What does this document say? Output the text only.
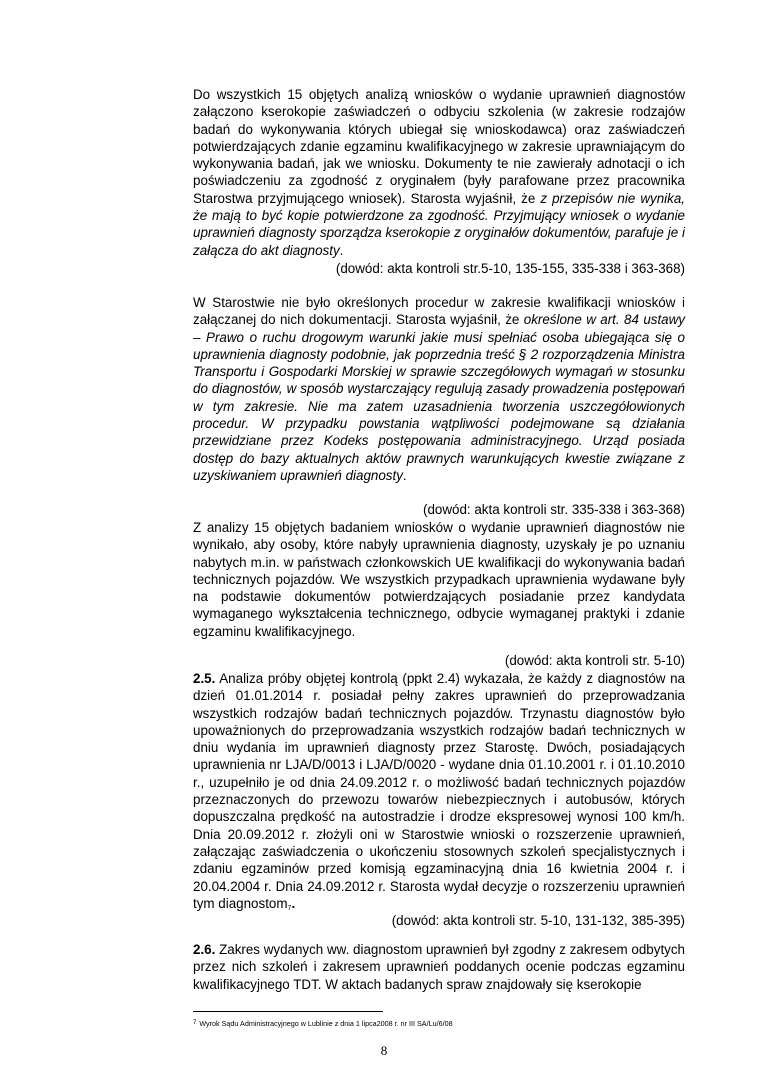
Do wszystkich 15 objętych analizą wniosków o wydanie uprawnień diagnostów załączono kserokopie zaświadczeń o odbyciu szkolenia (w zakresie rodzajów badań do wykonywania których ubiegał się wnioskodawca) oraz zaświadczeń potwierdzających zdanie egzaminu kwalifikacyjnego w zakresie uprawniającym do wykonywania badań, jak we wniosku. Dokumenty te nie zawierały adnotacji o ich poświadczeniu za zgodność z oryginałem (były parafowane przez pracownika Starostwa przyjmującego wniosek). Starosta wyjaśnił, że z przepisów nie wynika, że mają to być kopie potwierdzone za zgodność. Przyjmujący wniosek o wydanie uprawnień diagnosty sporządza kserokopie z oryginałów dokumentów, parafuje je i załącza do akt diagnosty.

(dowód: akta kontroli str.5-10, 135-155, 335-338 i 363-368)

W Starostwie nie było określonych procedur w zakresie kwalifikacji wniosków i załączanej do nich dokumentacji. Starosta wyjaśnił, że określone w art. 84 ustawy – Prawo o ruchu drogowym warunki jakie musi spełniać osoba ubiegająca się o uprawnienia diagnosty podobnie, jak poprzednia treść § 2 rozporządzenia Ministra Transportu i Gospodarki Morskiej w sprawie szczegółowych wymagań w stosunku do diagnostów, w sposób wystarczający regulują zasady prowadzenia postępowań w tym zakresie. Nie ma zatem uzasadnienia tworzenia uszczegółowionych procedur. W przypadku powstania wątpliwości podejmowane są działania przewidziane przez Kodeks postępowania administracyjnego. Urząd posiada dostęp do bazy aktualnych aktów prawnych warunkujących kwestie związane z uzyskiwaniem uprawnień diagnosty.

(dowód: akta kontroli str. 335-338 i 363-368)

Z analizy 15 objętych badaniem wniosków o wydanie uprawnień diagnostów nie wynikało, aby osoby, które nabyły uprawnienia diagnosty, uzyskały je po uznaniu nabytych m.in. w państwach członkowskich UE kwalifikacji do wykonywania badań technicznych pojazdów. We wszystkich przypadkach uprawnienia wydawane były na podstawie dokumentów potwierdzających posiadanie przez kandydata wymaganego wykształcenia technicznego, odbycie wymaganej praktyki i zdanie egzaminu kwalifikacyjnego.

(dowód: akta kontroli str. 5-10)

2.5. Analiza próby objętej kontrolą (ppkt 2.4) wykazała, że każdy z diagnostów na dzień 01.01.2014 r. posiadał pełny zakres uprawnień do przeprowadzania wszystkich rodzajów badań technicznych pojazdów. Trzynastu diagnostów było upoważnionych do przeprowadzania wszystkich rodzajów badań technicznych w dniu wydania im uprawnień diagnosty przez Starostę. Dwóch, posiadających uprawnienia nr LJA/D/0013 i LJA/D/0020 - wydane dnia 01.10.2001 r. i 01.10.2010 r., uzupełniło je od dnia 24.09.2012 r. o możliwość badań technicznych pojazdów przeznaczonych do przewozu towarów niebezpiecznych i autobusów, których dopuszczalna prędkość na autostradzie i drodze ekspresowej wynosi 100 km/h. Dnia 20.09.2012 r. złożyli oni w Starostwie wnioski o rozszerzenie uprawnień, załączając zaświadczenia o ukończeniu stosownych szkoleń specjalistycznych i zdaniu egzaminów przed komisją egzaminacyjną dnia 16 kwietnia 2004 r. i 20.04.2004 r. Dnia 24.09.2012 r. Starosta wydał decyzje o rozszerzeniu uprawnień tym diagnostom$^7$.

(dowód: akta kontroli str. 5-10, 131-132, 385-395)

2.6. Zakres wydanych ww. diagnostom uprawnień był zgodny z zakresem odbytych przez nich szkoleń i zakresem uprawnień poddanych ocenie podczas egzaminu kwalifikacyjnego TDT. W aktach badanych spraw znajdowały się kserokopie

$^7$ Wyrok Sądu Administracyjnego w Lublinie z dnia 1 lipca2008 r. nr III SA/Lu/6/08
8
